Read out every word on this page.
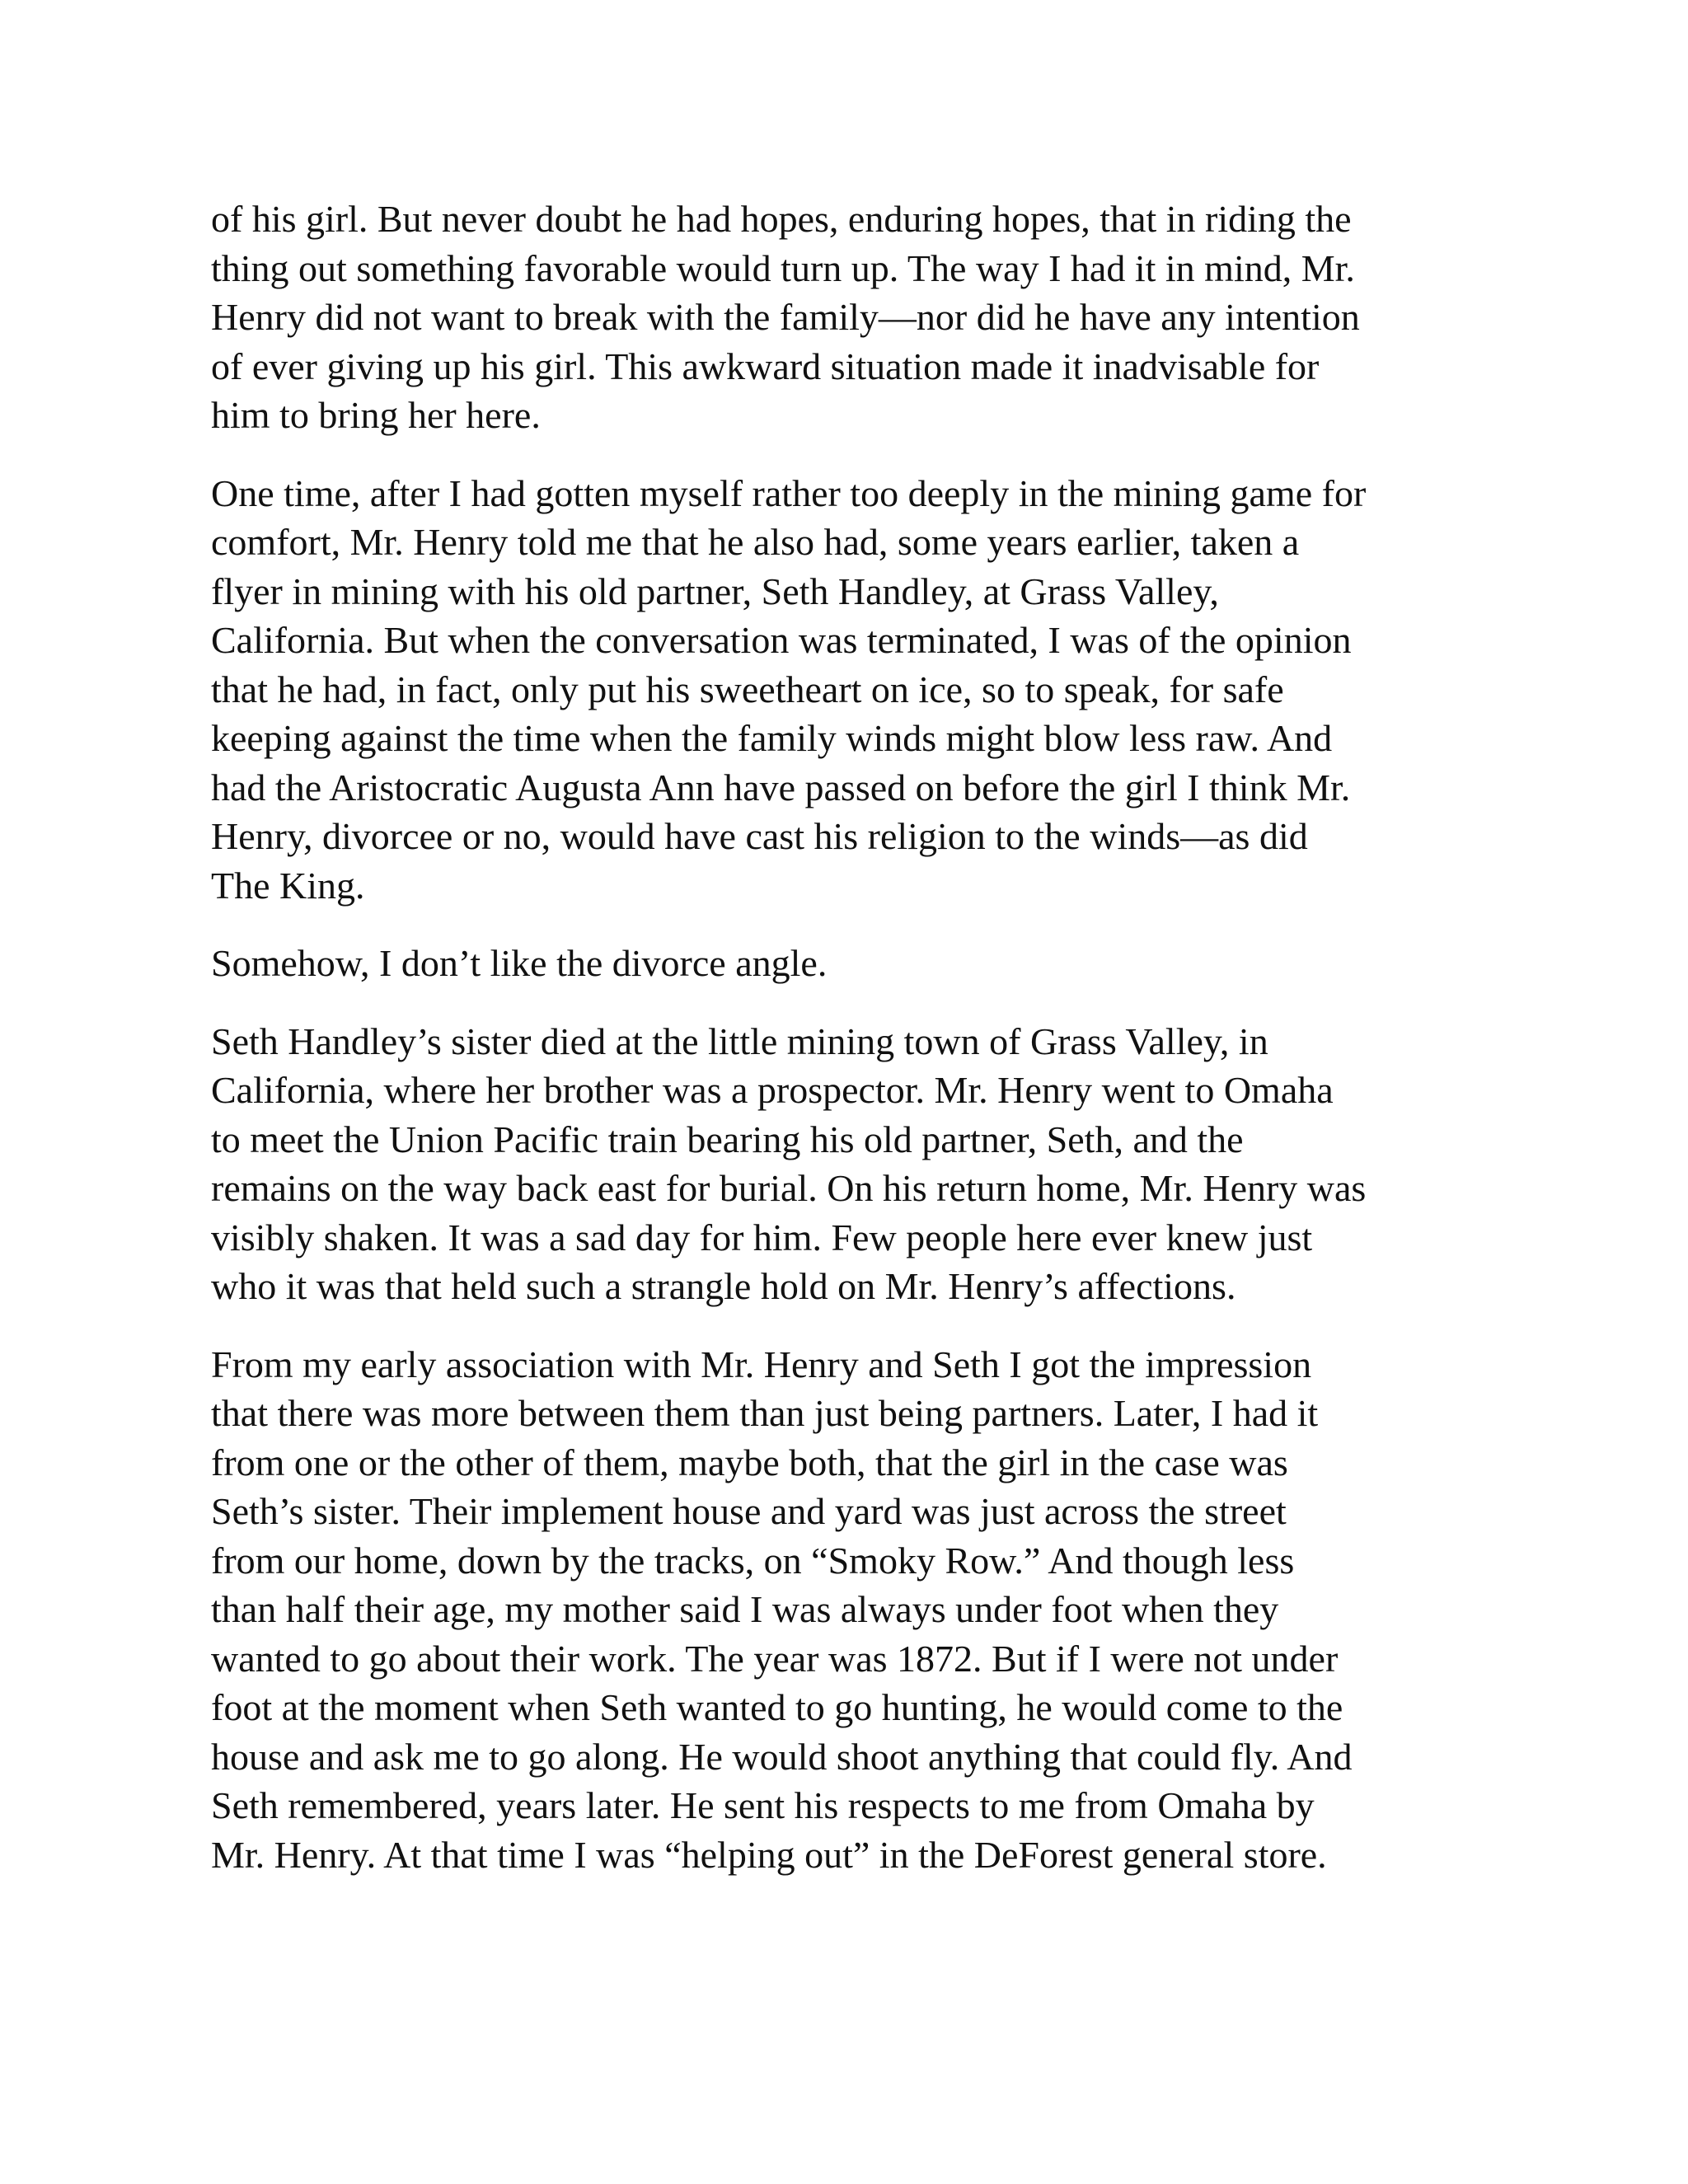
of his girl. But never doubt he had hopes, enduring hopes, that in riding the
thing out something favorable would turn up. The way I had it in mind, Mr.
Henry did not want to break with the family—nor did he have any intention
of ever giving up his girl. This awkward situation made it inadvisable for
him to bring her here.

One time, after I had gotten myself rather too deeply in the mining game for
comfort, Mr. Henry told me that he also had, some years earlier, taken a
flyer in mining with his old partner, Seth Handley, at Grass Valley,
California. But when the conversation was terminated, I was of the opinion
that he had, in fact, only put his sweetheart on ice, so to speak, for safe
keeping against the time when the family winds might blow less raw. And
had the Aristocratic Augusta Ann have passed on before the girl I think Mr.
Henry, divorcee or no, would have cast his religion to the winds—as did
The King.

Somehow, I don’t like the divorce angle.

Seth Handley’s sister died at the little mining town of Grass Valley, in
California, where her brother was a prospector. Mr. Henry went to Omaha
to meet the Union Pacific train bearing his old partner, Seth, and the
remains on the way back east for burial. On his return home, Mr. Henry was
visibly shaken. It was a sad day for him. Few people here ever knew just
who it was that held such a strangle hold on Mr. Henry’s affections.

From my early association with Mr. Henry and Seth I got the impression
that there was more between them than just being partners. Later, I had it
from one or the other of them, maybe both, that the girl in the case was
Seth’s sister. Their implement house and yard was just across the street
from our home, down by the tracks, on “Smoky Row.” And though less
than half their age, my mother said I was always under foot when they
wanted to go about their work. The year was 1872. But if I were not under
foot at the moment when Seth wanted to go hunting, he would come to the
house and ask me to go along. He would shoot anything that could fly. And
Seth remembered, years later. He sent his respects to me from Omaha by
Mr. Henry. At that time I was “helping out” in the DeForest general store.
